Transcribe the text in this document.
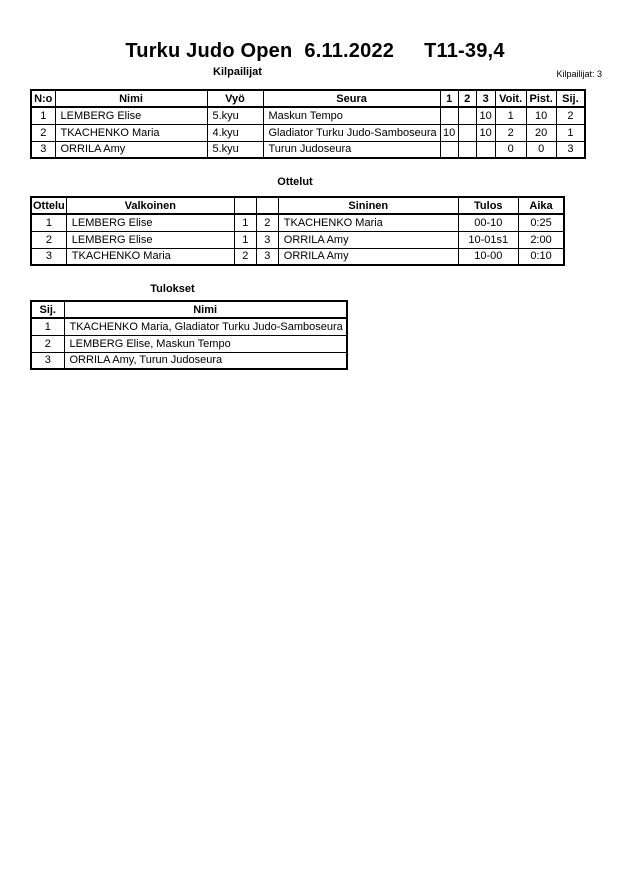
Turku Judo Open 6.11.2022 T11-39,4
Kilpailijat: 3
Kilpailijat
N:o	Nimi	Vyö	Seura	1	2	3	Voit.	Pist.	Sij.
1	LEMBERG Elise	5.kyu	Maskun Tempo			10	1	10	2
2	TKACHENKO Maria	4.kyu	Gladiator Turku Judo-Samboseura	10		10	2	20	1
3	ORRILA Amy	5.kyu	Turun Judoseura				0	0	3
Ottelut
Ottelu	Valkoinen			Sininen	Tulos	Aika
1	LEMBERG Elise	1	2	TKACHENKO Maria	00-10	0:25
2	LEMBERG Elise	1	3	ORRILA Amy	10-01s1	2:00
3	TKACHENKO Maria	2	3	ORRILA Amy	10-00	0:10
Tulokset
Sij.	Nimi
1	TKACHENKO Maria, Gladiator Turku Judo-Samboseura
2	LEMBERG Elise, Maskun Tempo
3	ORRILA Amy, Turun Judoseura
